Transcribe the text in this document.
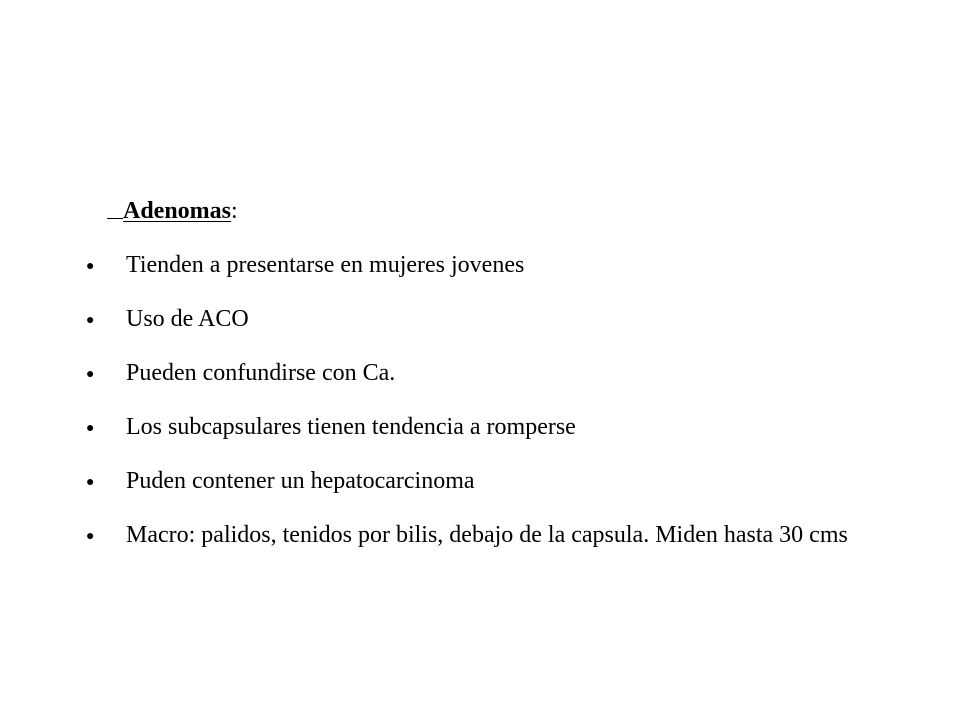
Adenomas:
● Tienden a presentarse en mujeres jovenes
● Uso de ACO
● Pueden confundirse con Ca.
● Los subcapsulares tienen tendencia a romperse
● Puden contener un hepatocarcinoma
● Macro: palidos, tenidos por bilis, debajo de la capsula. Miden hasta 30 cms
